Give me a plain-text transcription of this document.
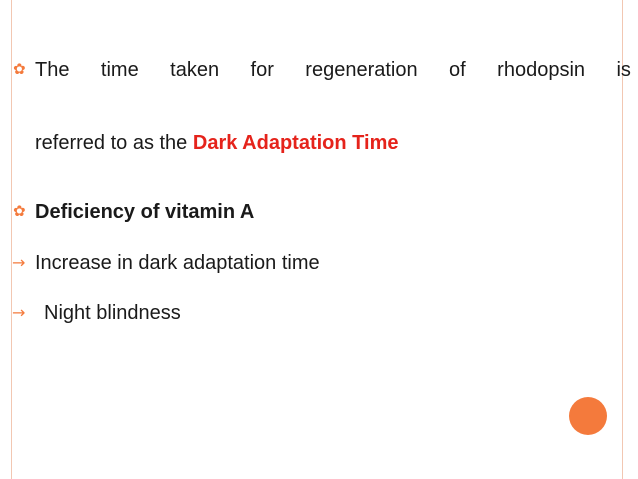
✿ The time taken for regeneration of rhodopsin is
referred to as the Dark Adaptation Time
✿ Deficiency of vitamin A
→ Increase in dark adaptation time
→ Night blindness
